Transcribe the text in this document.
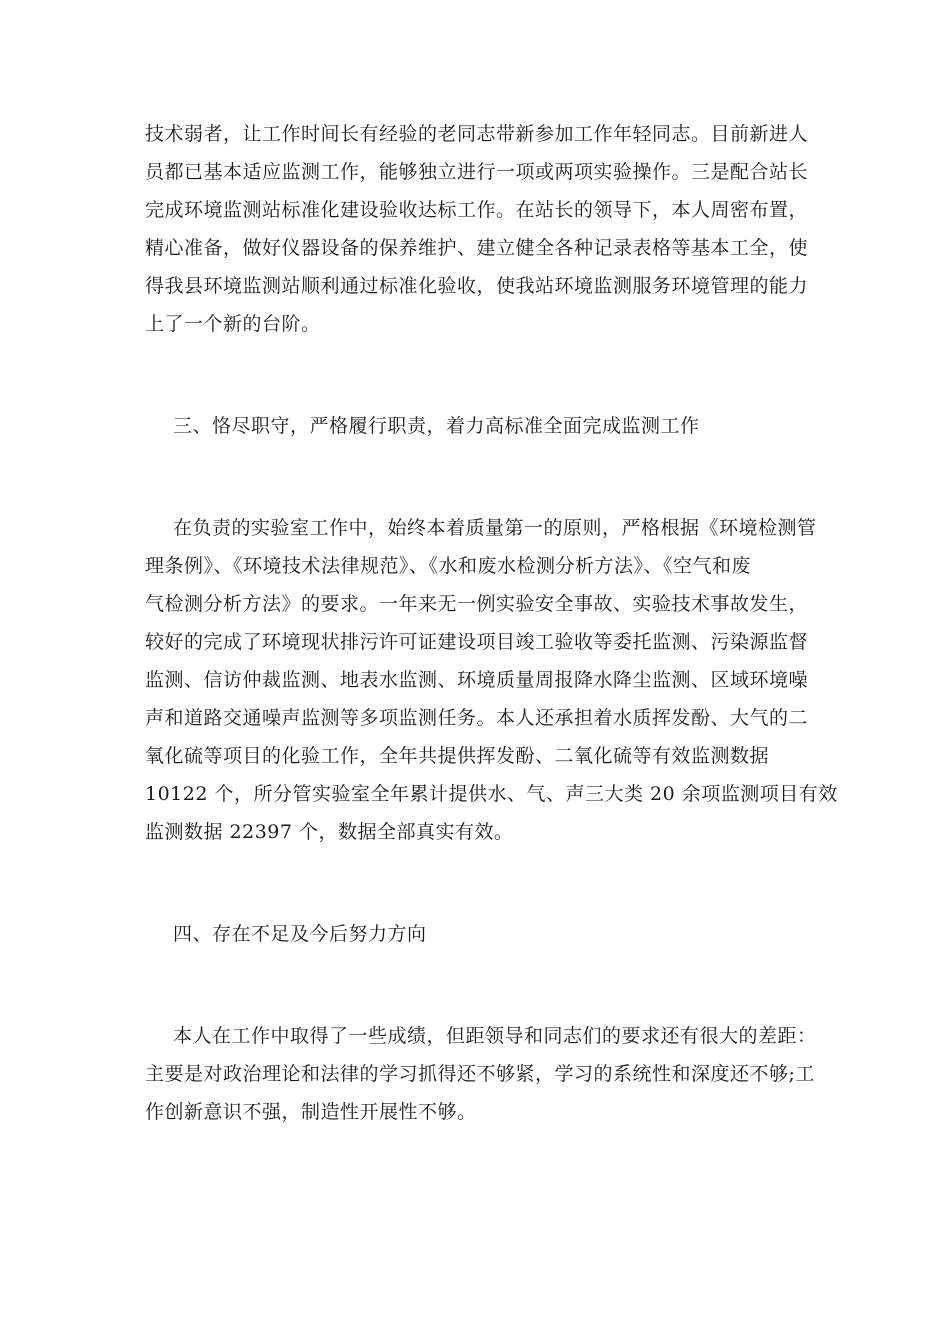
技术弱者，让工作时间长有经验的老同志带新参加工作年轻同志。目前新进人
员都已基本适应监测工作，能够独立进行一项或两项实验操作。三是配合站长
完成环境监测站标准化建设验收达标工作。在站长的领导下，本人周密布置，
精心准备，做好仪器设备的保养维护、建立健全各种记录表格等基本工全，使
得我县环境监测站顺利通过标准化验收，使我站环境监测服务环境管理的能力
上了一个新的台阶。
三、恪尽职守，严格履行职责，着力高标准全面完成监测工作
在负责的实验室工作中，始终本着质量第一的原则，严格根据《环境检测管
理条例》、《环境技术法律规范》、《水和废水检测分析方法》、《空气和废
气检测分析方法》的要求。一年来无一例实验安全事故、实验技术事故发生，
较好的完成了环境现状排污许可证建设项目竣工验收等委托监测、污染源监督
监测、信访仲裁监测、地表水监测、环境质量周报降水降尘监测、区域环境噪
声和道路交通噪声监测等多项监测任务。本人还承担着水质挥发酚、大气的二
氧化硫等项目的化验工作，全年共提供挥发酚、二氧化硫等有效监测数据
10122 个，所分管实验室全年累计提供水、气、声三大类 20 余项监测项目有效
监测数据 22397 个，数据全部真实有效。
四、存在不足及今后努力方向
本人在工作中取得了一些成绩，但距领导和同志们的要求还有很大的差距：
主要是对政治理论和法律的学习抓得还不够紧，学习的系统性和深度还不够;工
作创新意识不强，制造性开展性不够。
